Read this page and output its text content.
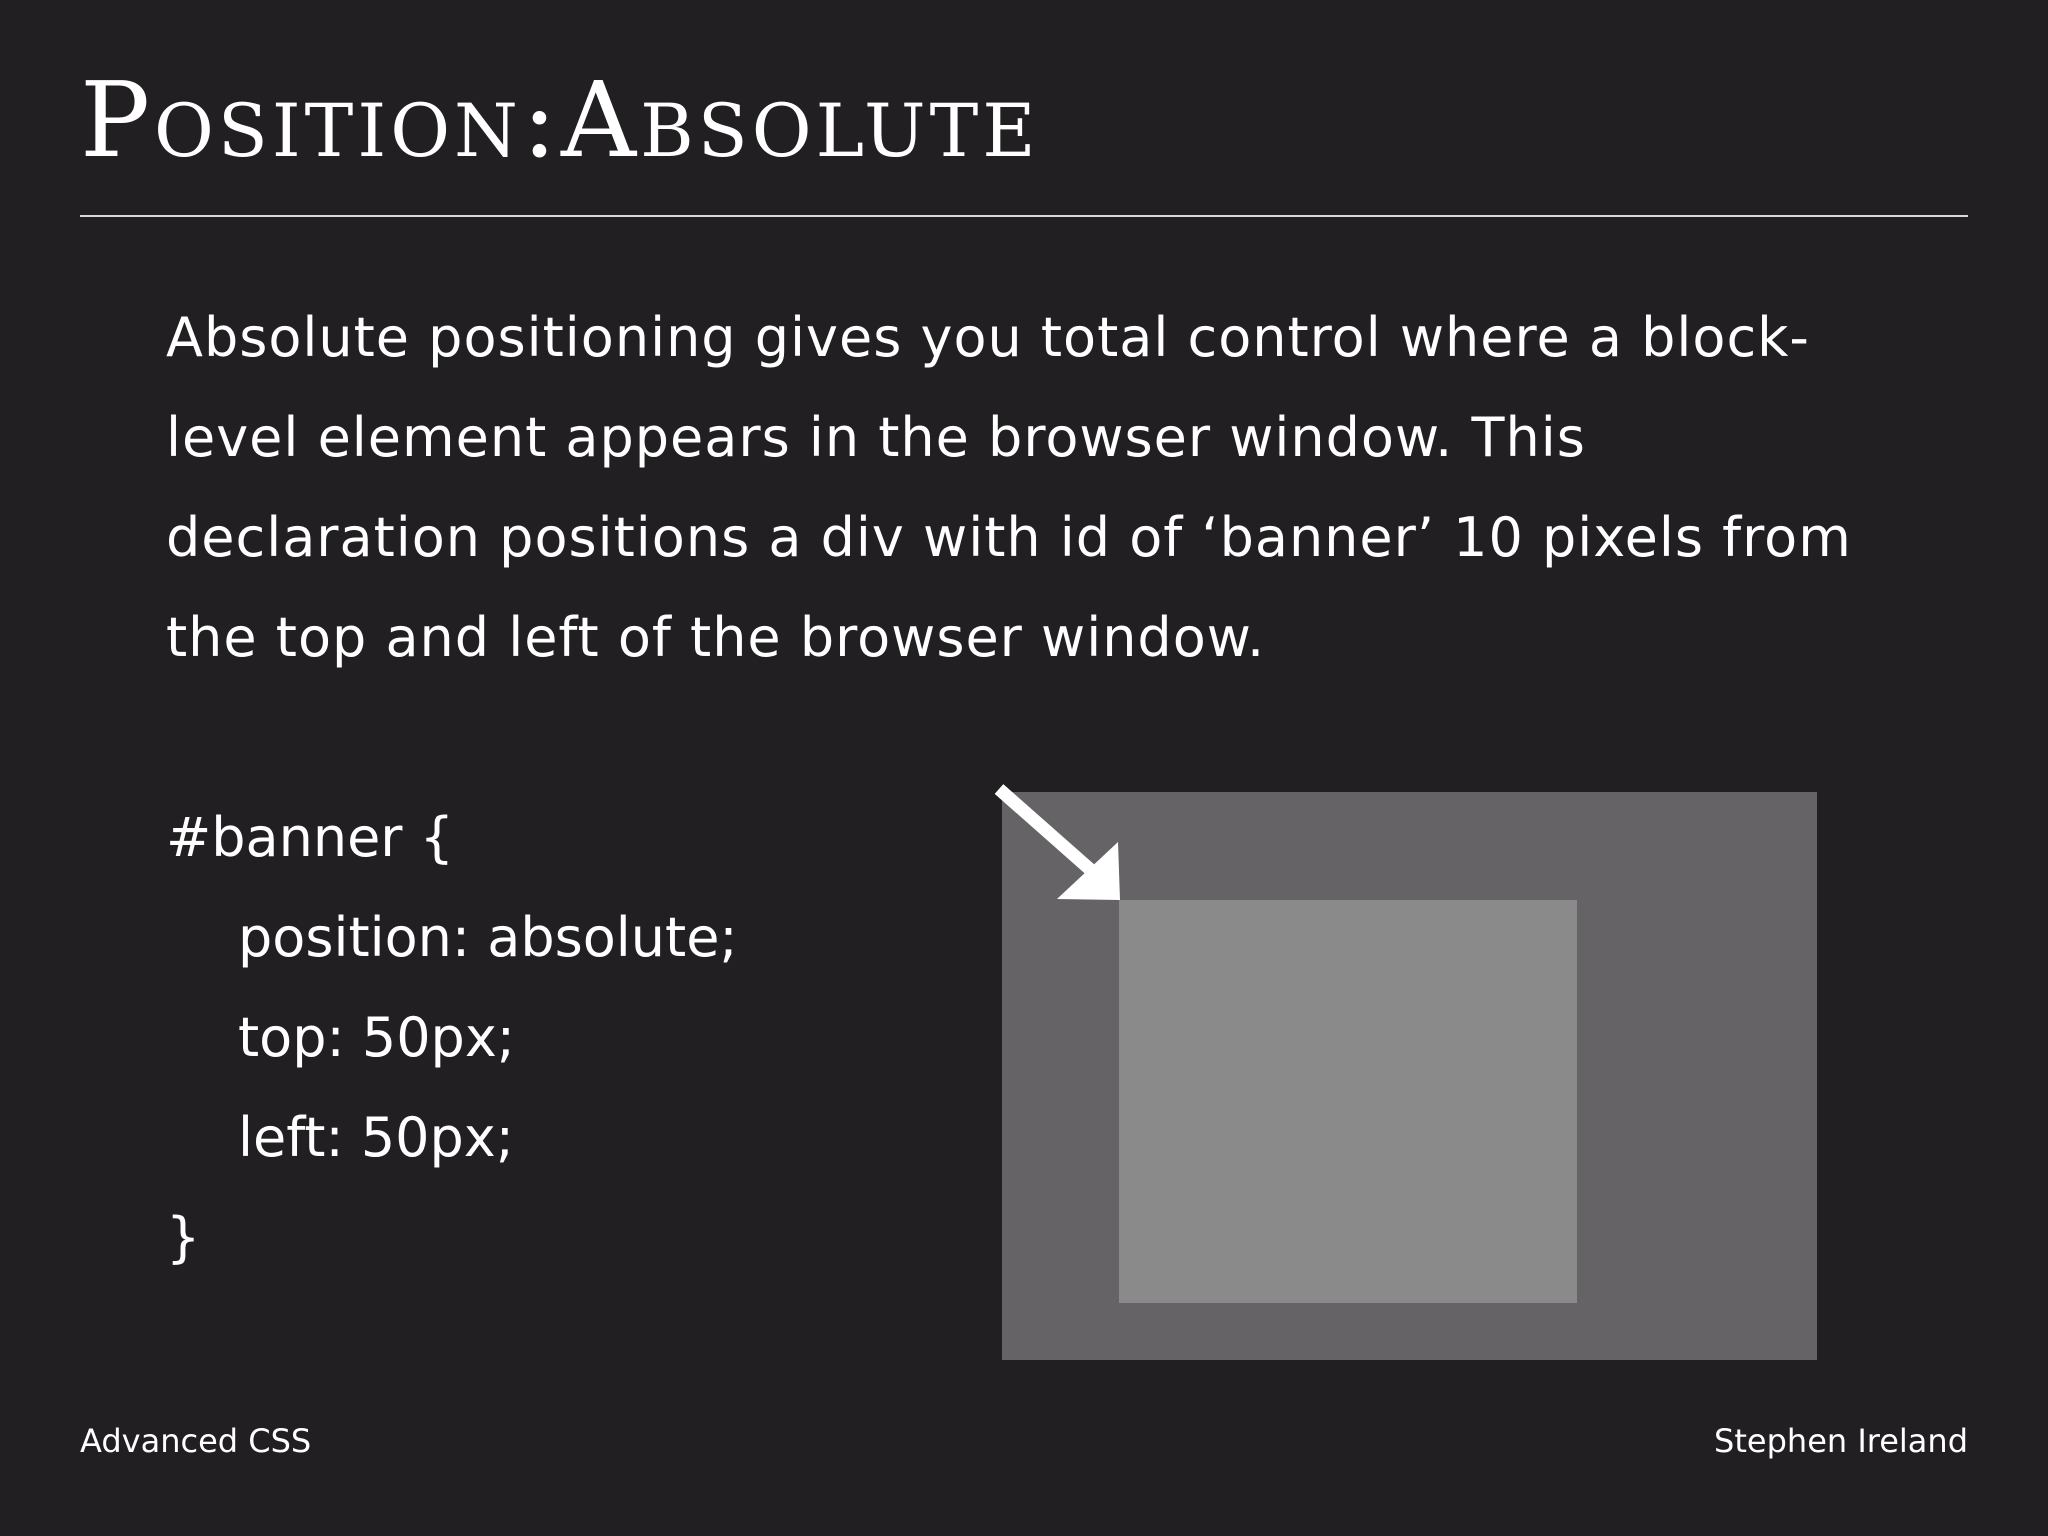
Position:Absolute

Absolute positioning gives you total control where a block-level element appears in the browser window. This declaration positions a div with id of ‘banner’ 10 pixels from the top and left of the browser window.

#banner {
position: absolute;
top: 50px;
left: 50px;
}

Advanced CSS	Stephen Ireland
